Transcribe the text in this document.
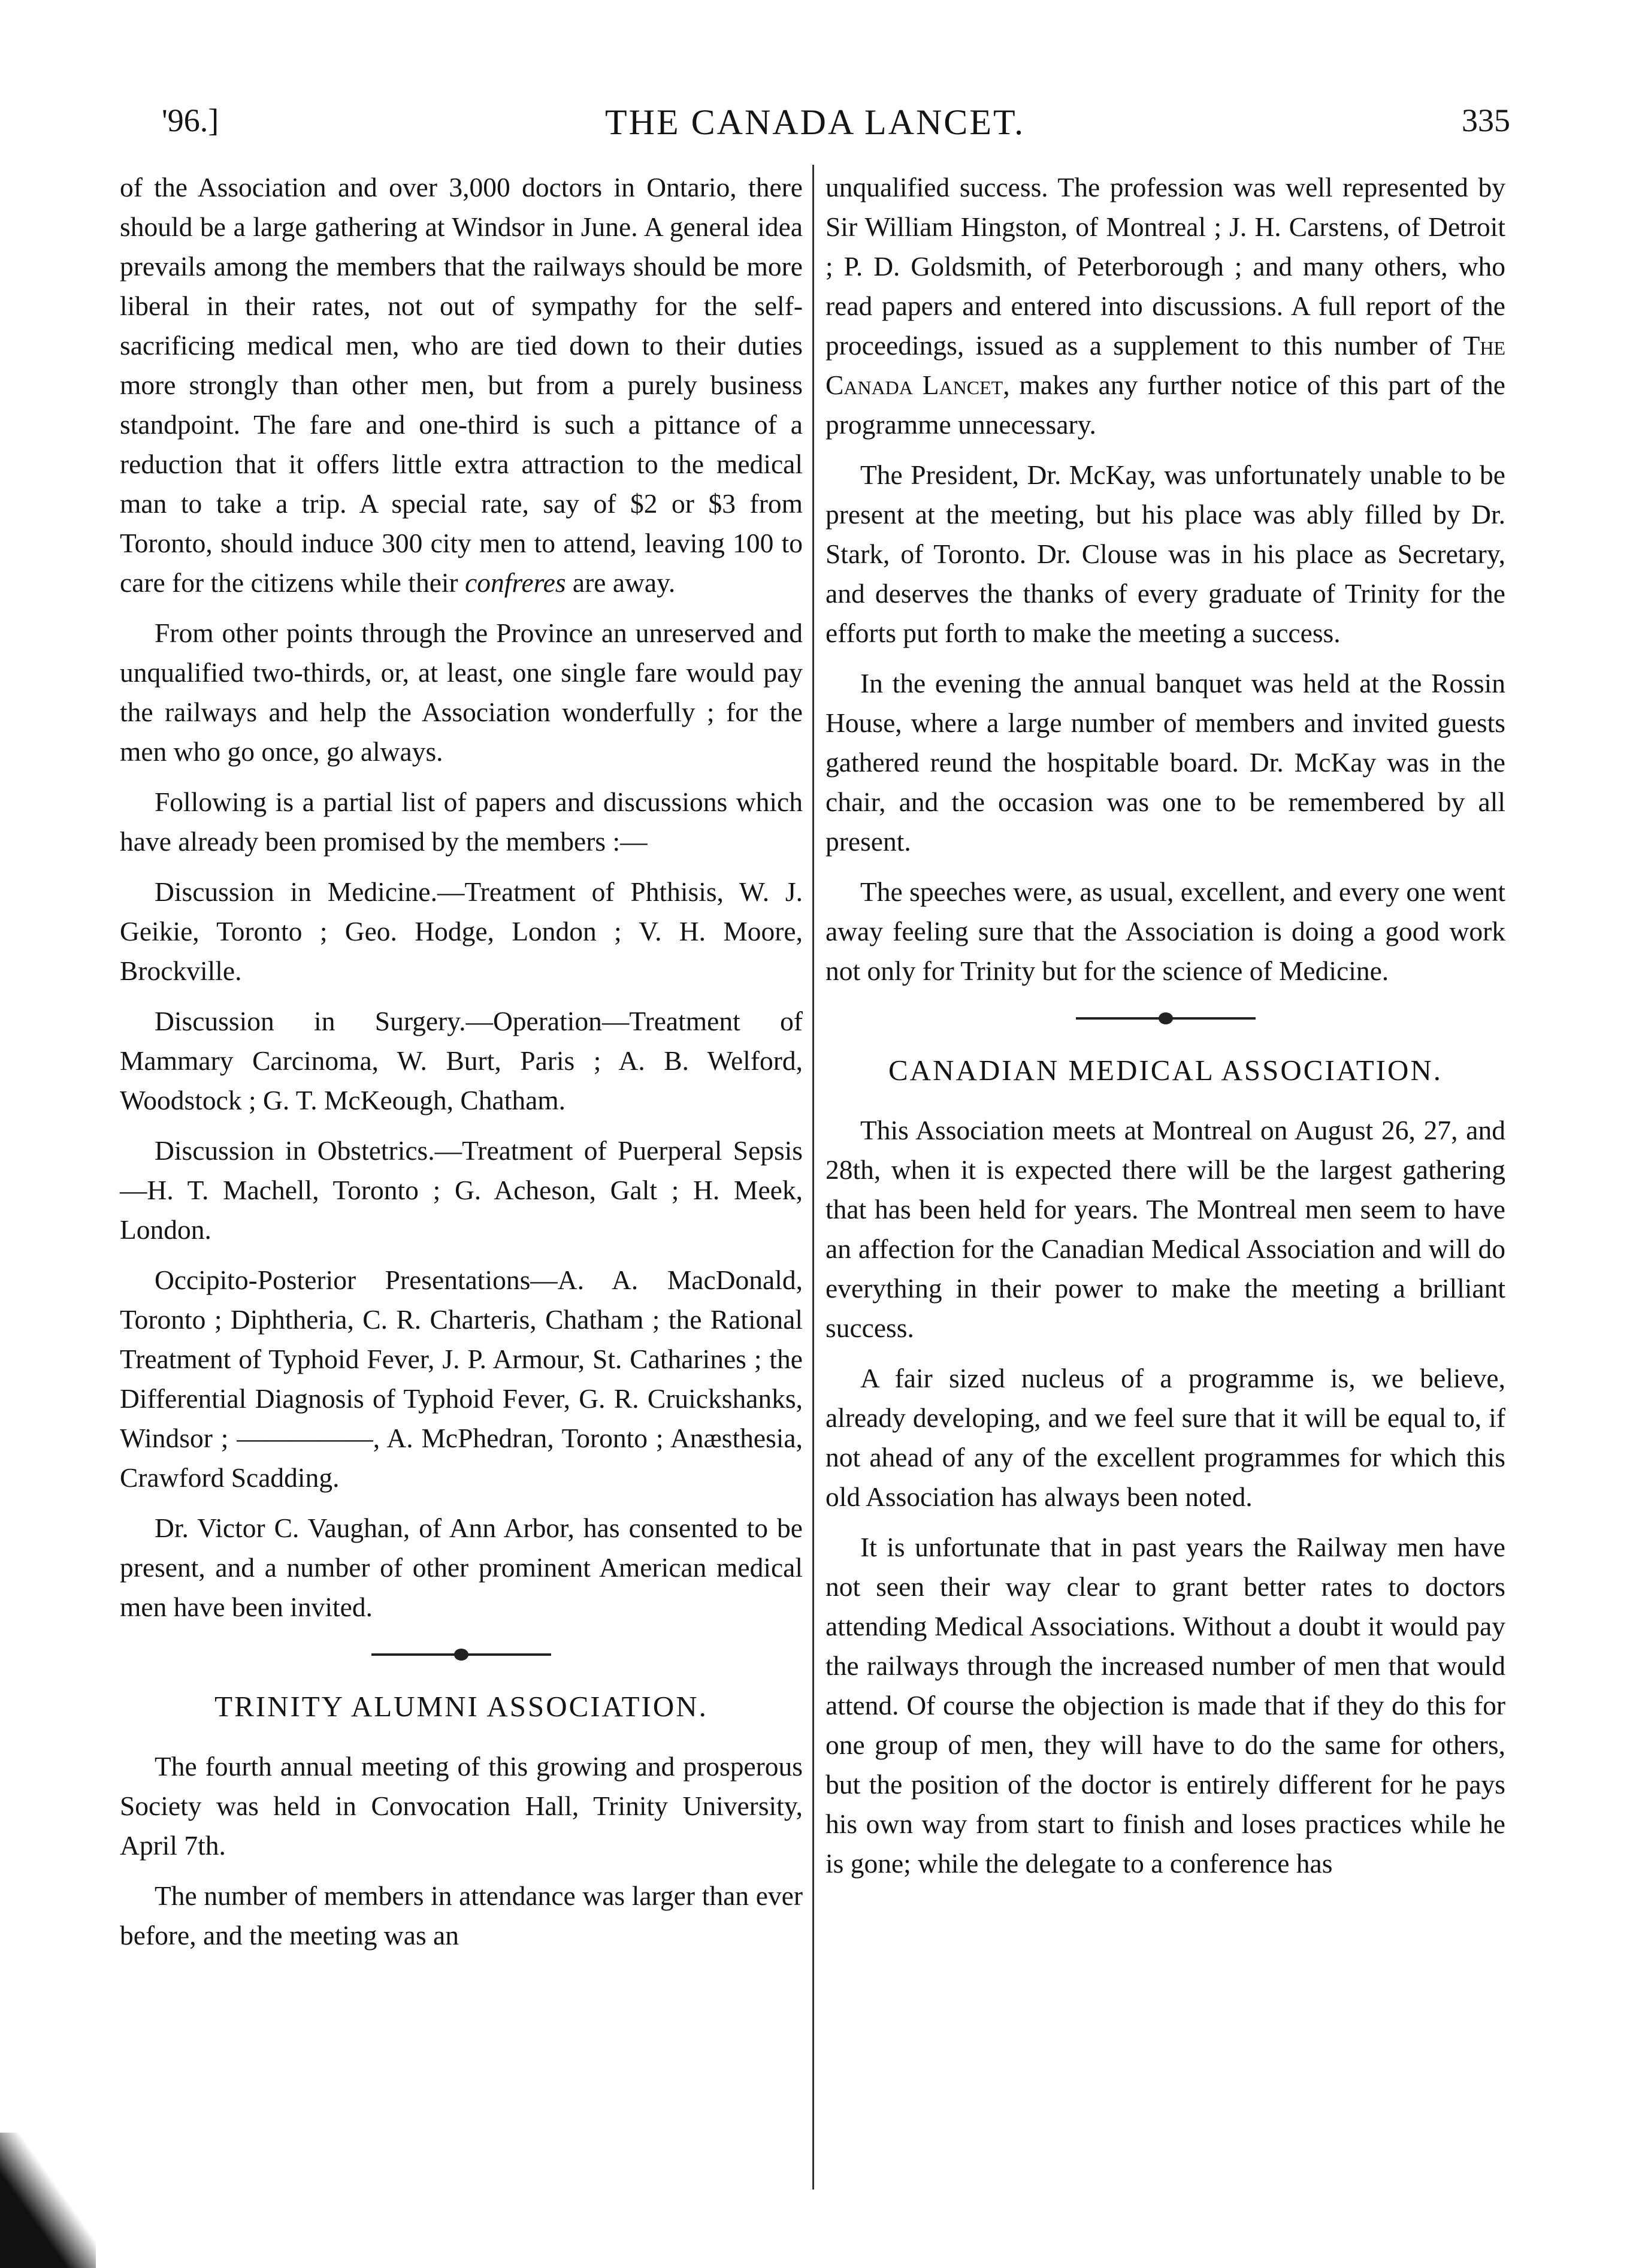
'96.]	THE CANADA LANCET.	335

of the Association and over 3,000 doctors in Ontario, there should be a large gathering at Windsor in June. A general idea prevails among the members that the railways should be more liberal in their rates, not out of sympathy for the self-sacrificing medical men, who are tied down to their duties more strongly than other men, but from a purely business standpoint. The fare and one-third is such a pittance of a reduction that it offers little extra attraction to the medical man to take a trip. A special rate, say of $2 or $3 from Toronto, should induce 300 city men to attend, leaving 100 to care for the citizens while their confreres are away.

From other points through the Province an unreserved and unqualified two-thirds, or, at least, one single fare would pay the railways and help the Association wonderfully ; for the men who go once, go always.

Following is a partial list of papers and discussions which have already been promised by the members :—

Discussion in Medicine.—Treatment of Phthisis, W. J. Geikie, Toronto ; Geo. Hodge, London ; V. H. Moore, Brockville.

Discussion in Surgery.—Operation—Treatment of Mammary Carcinoma, W. Burt, Paris ; A. B. Welford, Woodstock ; G. T. McKeough, Chatham.

Discussion in Obstetrics.—Treatment of Puerperal Sepsis—H. T. Machell, Toronto ; G. Acheson, Galt ; H. Meek, London.

Occipito-Posterior Presentations—A. A. MacDonald, Toronto ; Diphtheria, C. R. Charteris, Chatham ; the Rational Treatment of Typhoid Fever, J. P. Armour, St. Catharines ; the Differential Diagnosis of Typhoid Fever, G. R. Cruickshanks, Windsor ; —————, A. McPhedran, Toronto ; Anæsthesia, Crawford Scadding.

Dr. Victor C. Vaughan, of Ann Arbor, has consented to be present, and a number of other prominent American medical men have been invited.

TRINITY ALUMNI ASSOCIATION.

The fourth annual meeting of this growing and prosperous Society was held in Convocation Hall, Trinity University, April 7th.

The number of members in attendance was larger than ever before, and the meeting was an

unqualified success. The profession was well represented by Sir William Hingston, of Montreal ; J. H. Carstens, of Detroit ; P. D. Goldsmith, of Peterborough ; and many others, who read papers and entered into discussions. A full report of the proceedings, issued as a supplement to this number of The Canada Lancet, makes any further notice of this part of the programme unnecessary.

The President, Dr. McKay, was unfortunately unable to be present at the meeting, but his place was ably filled by Dr. Stark, of Toronto. Dr. Clouse was in his place as Secretary, and deserves the thanks of every graduate of Trinity for the efforts put forth to make the meeting a success.

In the evening the annual banquet was held at the Rossin House, where a large number of members and invited guests gathered reund the hospitable board. Dr. McKay was in the chair, and the occasion was one to be remembered by all present.

The speeches were, as usual, excellent, and every one went away feeling sure that the Association is doing a good work not only for Trinity but for the science of Medicine.

CANADIAN MEDICAL ASSOCIATION.

This Association meets at Montreal on August 26, 27, and 28th, when it is expected there will be the largest gathering that has been held for years. The Montreal men seem to have an affection for the Canadian Medical Association and will do everything in their power to make the meeting a brilliant success.

A fair sized nucleus of a programme is, we believe, already developing, and we feel sure that it will be equal to, if not ahead of any of the excellent programmes for which this old Association has always been noted.

It is unfortunate that in past years the Railway men have not seen their way clear to grant better rates to doctors attending Medical Associations. Without a doubt it would pay the railways through the increased number of men that would attend. Of course the objection is made that if they do this for one group of men, they will have to do the same for others, but the position of the doctor is entirely different for he pays his own way from start to finish and loses practices while he is gone; while the delegate to a conference has
